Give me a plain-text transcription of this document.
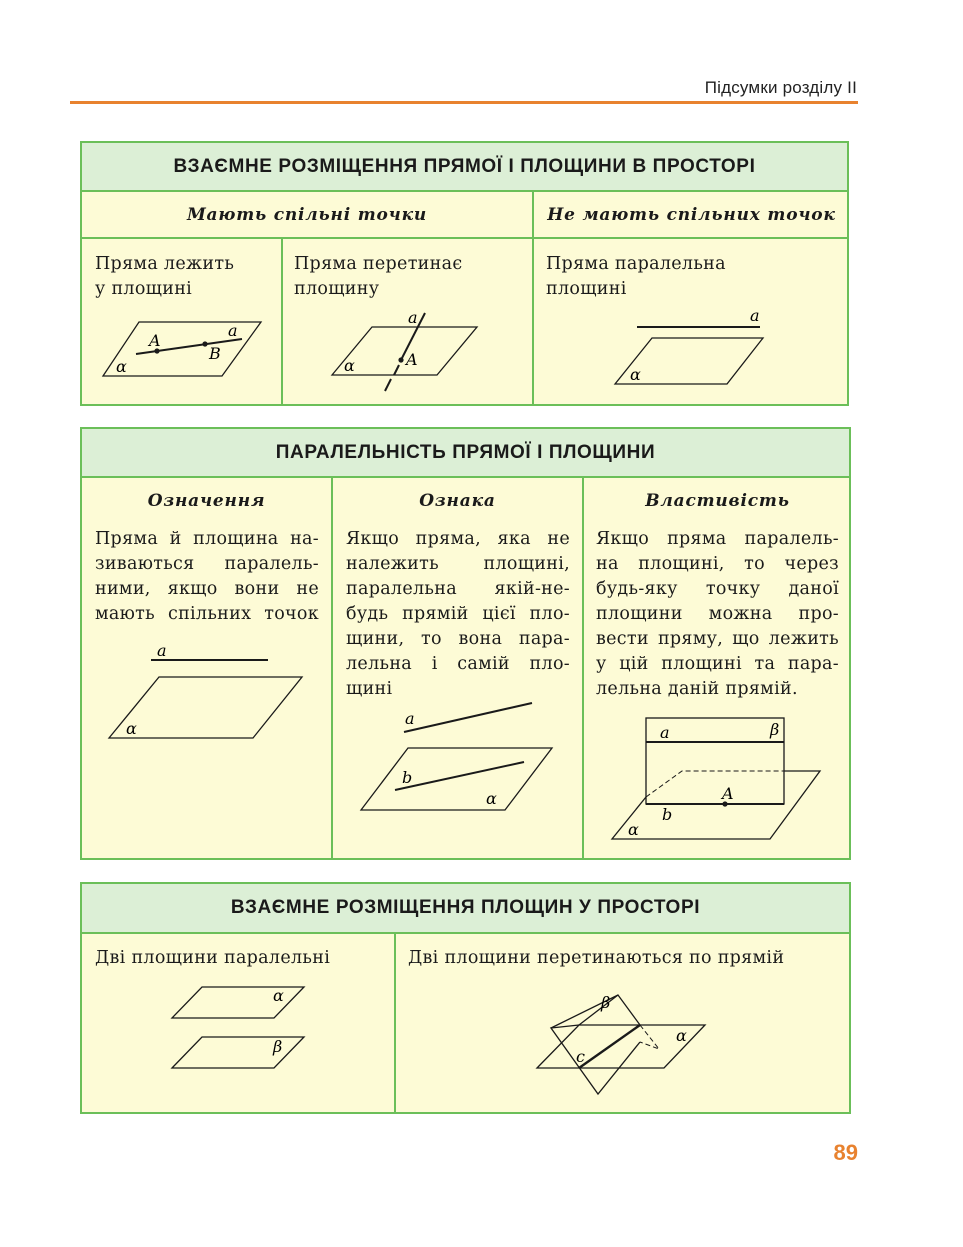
Підсумки розділу ІІ
ВЗАЄМНЕ РОЗМІЩЕННЯ ПРЯМОЇ І ПЛОЩИНИ В ПРОСТОРІ
Мають спільні точки	Не мають спільних точок
Пряма лежить
у площині
A
B
a
α
Пряма перетинає
площину
a
A
α
Пряма паралельна
площині
a
α
ПАРАЛЕЛЬНІСТЬ ПРЯМОЇ І ПЛОЩИНИ
Означення
Пряма й площина на-
зиваються паралель-
ними, якщо вони не
мають спільних точок
a
α
Ознака
Якщо пряма, яка не
належить площині,
паралельна якій-не-
будь прямій цієї пло-
щини, то вона пара-
лельна і самій пло-
щині
a
b
α
Властивість
Якщо пряма паралель-
на площині, то через
будь-яку точку даної
площини можна про-
вести пряму, що лежить
у цій площині та пара-
лельна даній прямій.
β
a
A
b
α
ВЗАЄМНЕ РОЗМІЩЕННЯ ПЛОЩИН У ПРОСТОРІ
Дві площини паралельні
α
β
Дві площини перетинаються по прямій
β
α
c
89
